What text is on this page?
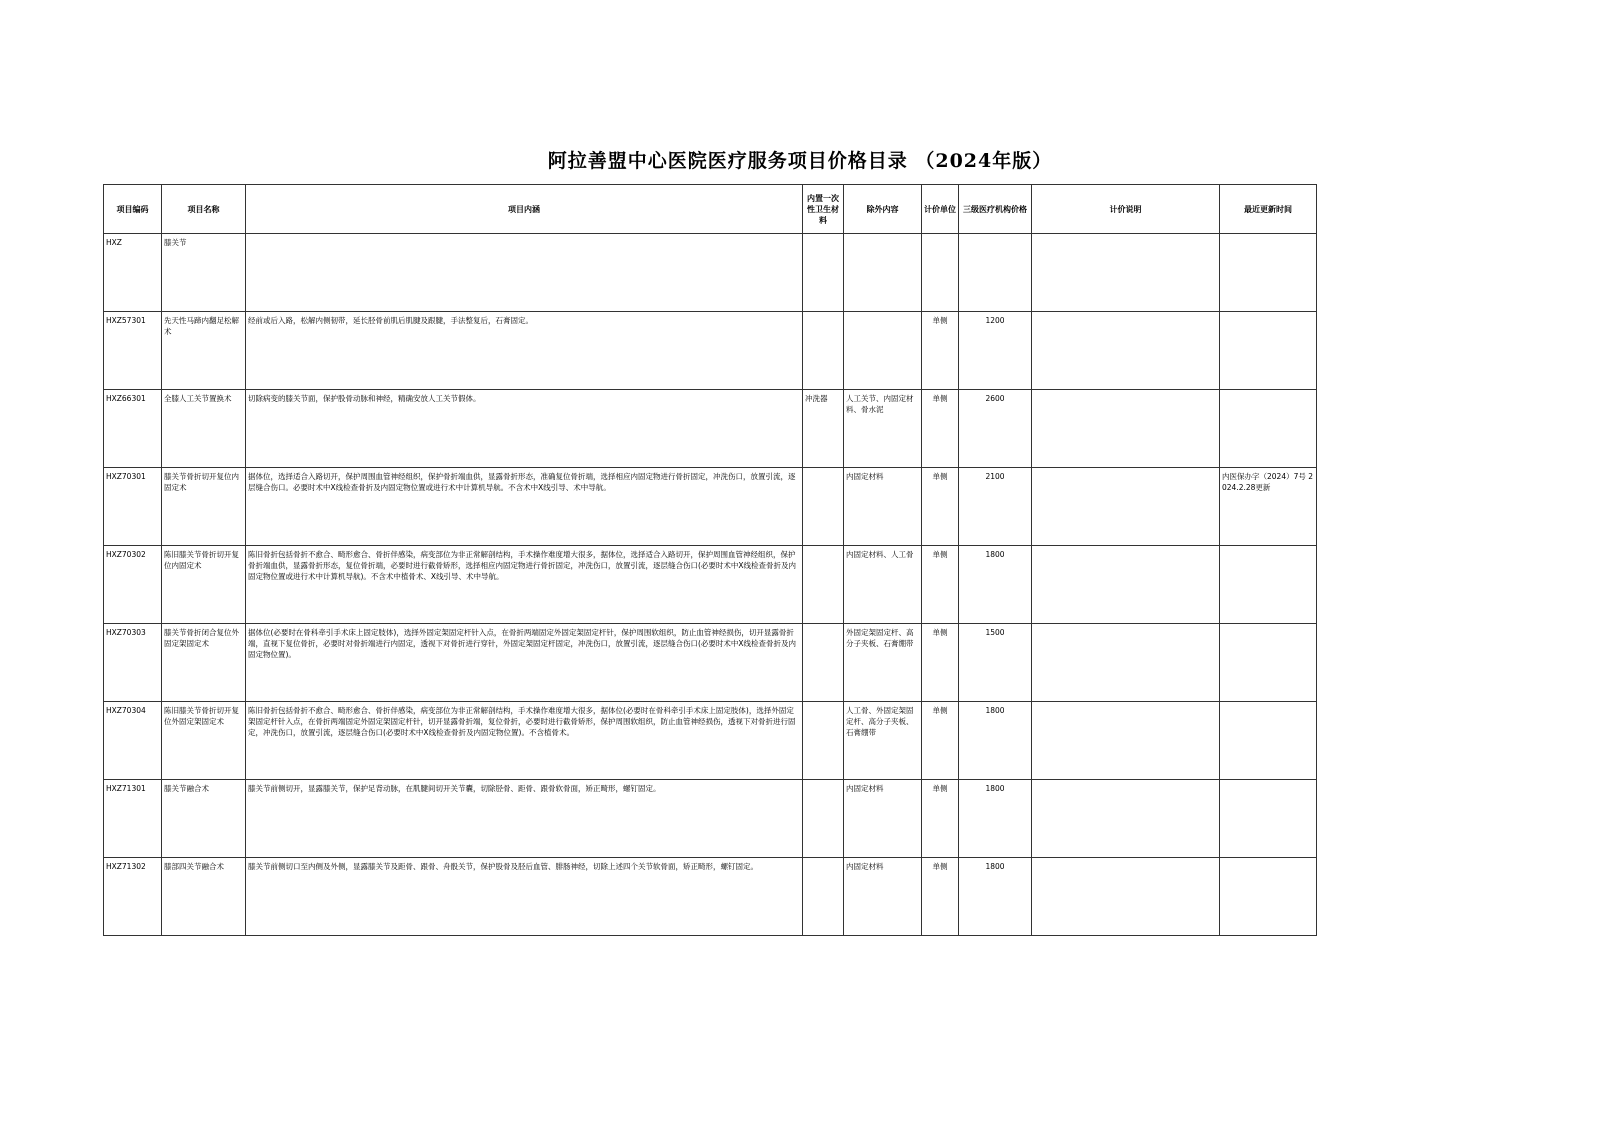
阿拉善盟中心医院医疗服务项目价格目录 （2024年版）
项目编码	项目名称	项目内涵	内置一次性卫生材料	除外内容	计价单位	三级医疗机构价格	计价说明	最近更新时间
HXZ	膝关节							
HXZ57301	先天性马蹄内翻足松解术	经前或后入路，松解内侧韧带，延长胫骨前肌后肌腱及跟腱，手法整复后，石膏固定。			单侧	1200		
HXZ66301	全膝人工关节置换术	切除病变的膝关节面，保护股骨动脉和神经，精确安放人工关节假体。	冲洗器	人工关节、内固定材料、骨水泥	单侧	2600		
HXZ70301	膝关节骨折切开复位内固定术	据体位，选择适合入路切开，保护周围血管神经组织，保护骨折端血供，显露骨折形态，准确复位骨折端，选择相应内固定物进行骨折固定，冲洗伤口，放置引流，逐层缝合伤口。必要时术中X线检查骨折及内固定物位置或进行术中计算机导航。不含术中X线引导、术中导航。		内固定材料	单侧	2100		内医保办字（2024）7号 2024.2.28更新
HXZ70302	陈旧膝关节骨折切开复位内固定术	陈旧骨折包括骨折不愈合、畸形愈合、骨折伴感染，病变部位为非正常解剖结构，手术操作难度增大很多，据体位，选择适合入路切开，保护周围血管神经组织，保护骨折端血供，显露骨折形态，复位骨折端，必要时进行截骨矫形，选择相应内固定物进行骨折固定，冲洗伤口，放置引流，逐层缝合伤口(必要时术中X线检查骨折及内固定物位置或进行术中计算机导航)。不含术中植骨术、X线引导、术中导航。		内固定材料、人工骨	单侧	1800		
HXZ70303	膝关节骨折闭合复位外固定架固定术	据体位(必要时在骨科牵引手术床上固定肢体)，选择外固定架固定杆针入点，在骨折两端固定外固定架固定杆针，保护周围软组织，防止血管神经损伤，切开显露骨折端，直视下复位骨折，必要时对骨折端进行内固定，透视下对骨折进行穿针，外固定架固定杆固定，冲洗伤口，放置引流，逐层缝合伤口(必要时术中X线检查骨折及内固定物位置)。		外固定架固定杆、高分子夹板、石膏绷带	单侧	1500		
HXZ70304	陈旧膝关节骨折切开复位外固定架固定术	陈旧骨折包括骨折不愈合、畸形愈合、骨折伴感染，病变部位为非正常解剖结构，手术操作难度增大很多，据体位(必要时在骨科牵引手术床上固定肢体)，选择外固定架固定杆针入点，在骨折两端固定外固定架固定杆针，切开显露骨折端，复位骨折，必要时进行截骨矫形，保护周围软组织，防止血管神经损伤，透视下对骨折进行固定，冲洗伤口，放置引流，逐层缝合伤口(必要时术中X线检查骨折及内固定物位置)。不含植骨术。		人工骨、外固定架固定杆、高分子夹板、石膏绷带	单侧	1800		
HXZ71301	膝关节融合术	膝关节前侧切开，显露膝关节，保护足背动脉，在肌腱间切开关节囊，切除胫骨、距骨、跟骨软骨面，矫正畸形，螺钉固定。		内固定材料	单侧	1800		
HXZ71302	膝部四关节融合术	膝关节前侧切口至内侧及外侧，显露膝关节及距骨、跟骨、舟骰关节，保护股骨及胫后血管、腓肠神经，切除上述四个关节软骨面，矫正畸形，螺钉固定。		内固定材料	单侧	1800		
